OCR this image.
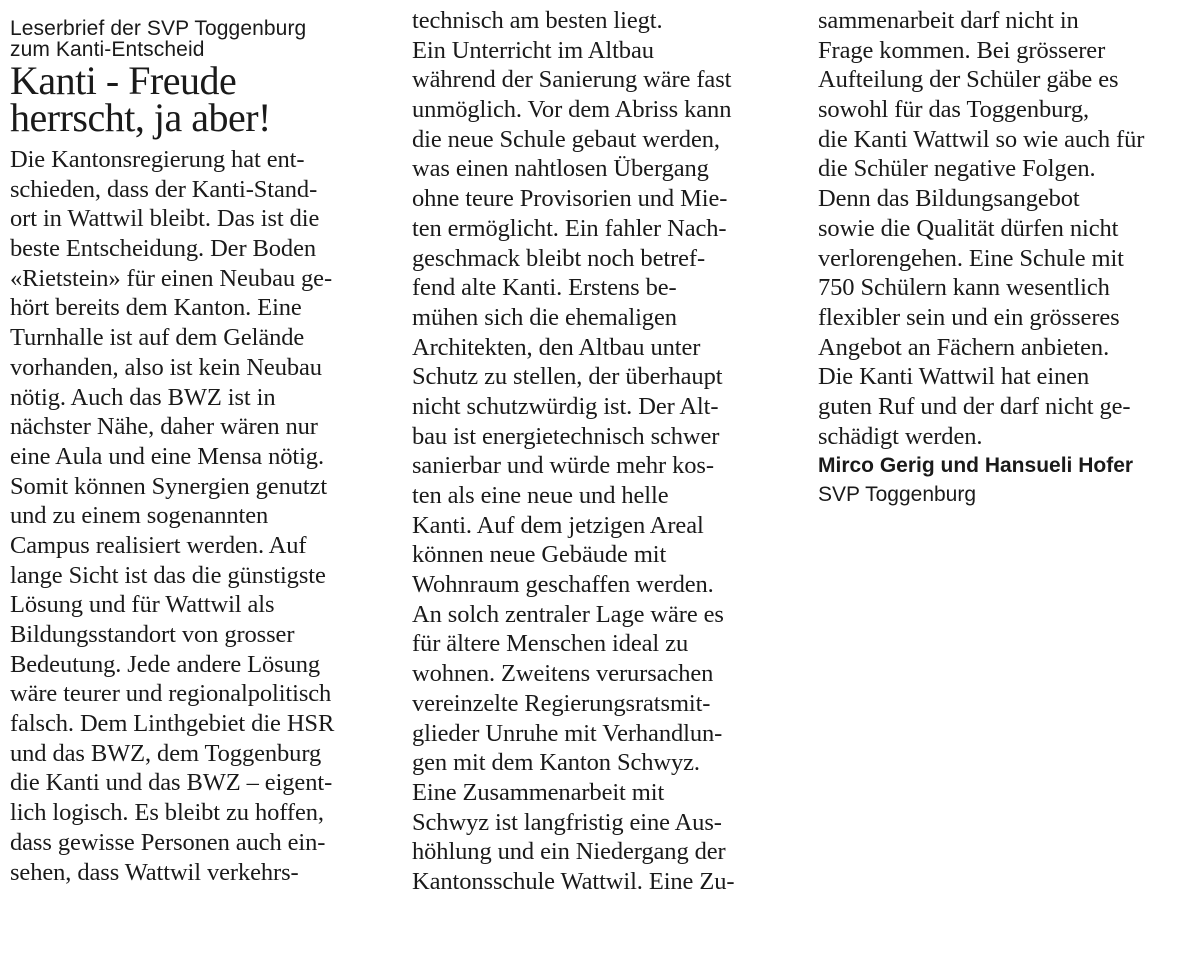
Leserbrief der SVP Toggenburg
zum Kanti-Entscheid
Kanti - Freude
herrscht, ja aber!
Die Kantonsregierung hat ent-
schieden, dass der Kanti-Stand-
ort in Wattwil bleibt. Das ist die
beste Entscheidung. Der Boden
«Rietstein» für einen Neubau ge-
hört bereits dem Kanton. Eine
Turnhalle ist auf dem Gelände
vorhanden, also ist kein Neubau
nötig. Auch das BWZ ist in
nächster Nähe, daher wären nur
eine Aula und eine Mensa nötig.
Somit können Synergien genutzt
und zu einem sogenannten
Campus realisiert werden. Auf
lange Sicht ist das die günstigste
Lösung und für Wattwil als
Bildungsstandort von grosser
Bedeutung. Jede andere Lösung
wäre teurer und regionalpolitisch
falsch. Dem Linthgebiet die HSR
und das BWZ, dem Toggenburg
die Kanti und das BWZ – eigent-
lich logisch. Es bleibt zu hoffen,
dass gewisse Personen auch ein-
sehen, dass Wattwil verkehrs-
technisch am besten liegt.
Ein Unterricht im Altbau
während der Sanierung wäre fast
unmöglich. Vor dem Abriss kann
die neue Schule gebaut werden,
was einen nahtlosen Übergang
ohne teure Provisorien und Mie-
ten ermöglicht. Ein fahler Nach-
geschmack bleibt noch betref-
fend alte Kanti. Erstens be-
mühen sich die ehemaligen
Architekten, den Altbau unter
Schutz zu stellen, der überhaupt
nicht schutzwürdig ist. Der Alt-
bau ist energietechnisch schwer
sanierbar und würde mehr kos-
ten als eine neue und helle
Kanti. Auf dem jetzigen Areal
können neue Gebäude mit
Wohnraum geschaffen werden.
An solch zentraler Lage wäre es
für ältere Menschen ideal zu
wohnen. Zweitens verursachen
vereinzelte Regierungsratsmit-
glieder Unruhe mit Verhandlun-
gen mit dem Kanton Schwyz.
Eine Zusammenarbeit mit
Schwyz ist langfristig eine Aus-
höhlung und ein Niedergang der
Kantonsschule Wattwil. Eine Zu-
sammenarbeit darf nicht in
Frage kommen. Bei grösserer
Aufteilung der Schüler gäbe es
sowohl für das Toggenburg,
die Kanti Wattwil so wie auch für
die Schüler negative Folgen.
Denn das Bildungsangebot
sowie die Qualität dürfen nicht
verlorengehen. Eine Schule mit
750 Schülern kann wesentlich
flexibler sein und ein grösseres
Angebot an Fächern anbieten.
Die Kanti Wattwil hat einen
guten Ruf und der darf nicht ge-
schädigt werden.
Mirco Gerig und Hansueli Hofer
SVP Toggenburg
